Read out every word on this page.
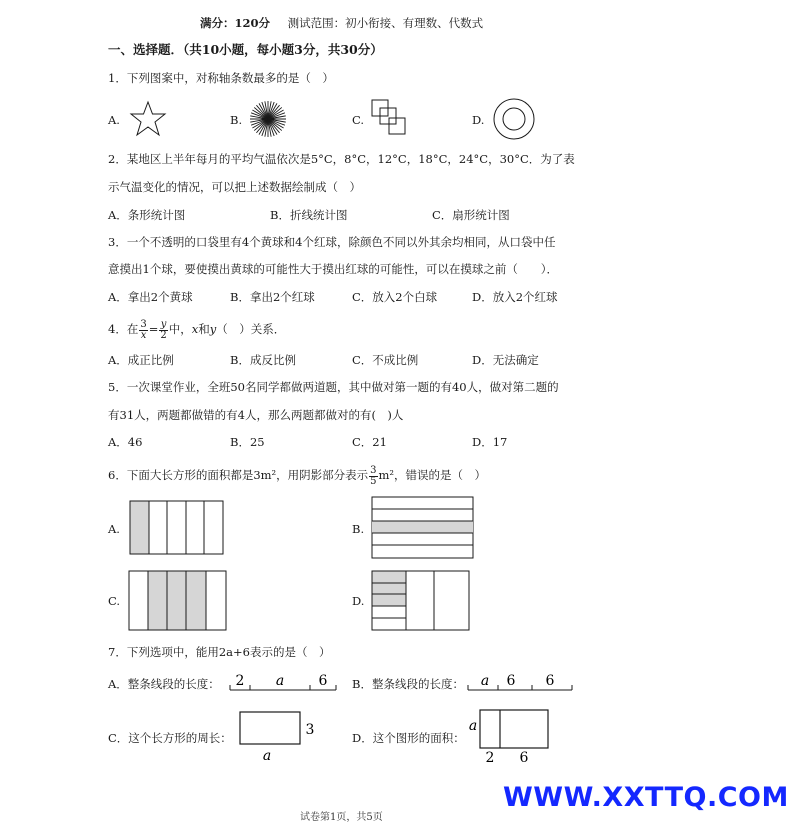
满分：120分 测试范围：初小衔接、有理数、代数式
一、选择题．（共10小题，每小题3分，共30分）
1．下列图案中，对称轴条数最多的是（　）
A.	B.	C.	D.
2．某地区上半年每月的平均气温依次是5°C，8°C，12°C，18°C，24°C，30°C．为了表
示气温变化的情况，可以把上述数据绘制成（　）
A．条形统计图	B．折线统计图	C．扇形统计图
3．一个不透明的口袋里有4个黄球和4个红球，除颜色不同以外其余均相同，从口袋中任
意摸出1个球，要使摸出黄球的可能性大于摸出红球的可能性，可以在摸球之前（　　）．
A．拿出2个黄球	B．拿出2个红球	C．放入2个白球	D．放入2个红球
4．在 $\frac{3}{x} = \frac{y}{2}$ 中，x和y（　）关系．
A．成正比例	B．成反比例	C．不成比例	D．无法确定
5．一次课堂作业，全班50名同学都做两道题，其中做对第一题的有40人，做对第二题的
有31人，两题都做错的有4人，那么两题都做对的有(　)人
A．46	B．25	C．21	D．17
6．下面大长方形的面积都是3m²，用阴影部分表示 $\frac{3}{5} m^2$，错误的是（　）
A.	B.
C.	D.
7．下列选项中，能用2a+6表示的是（　）
A．整条线段的长度： 2 a 6 B．整条线段的长度： a 6 6
C．这个长方形的周长：	3
a
D．这个图形的面积：
a
2 6
试卷第1页，共5页
WWW.XXTTQ.COM
